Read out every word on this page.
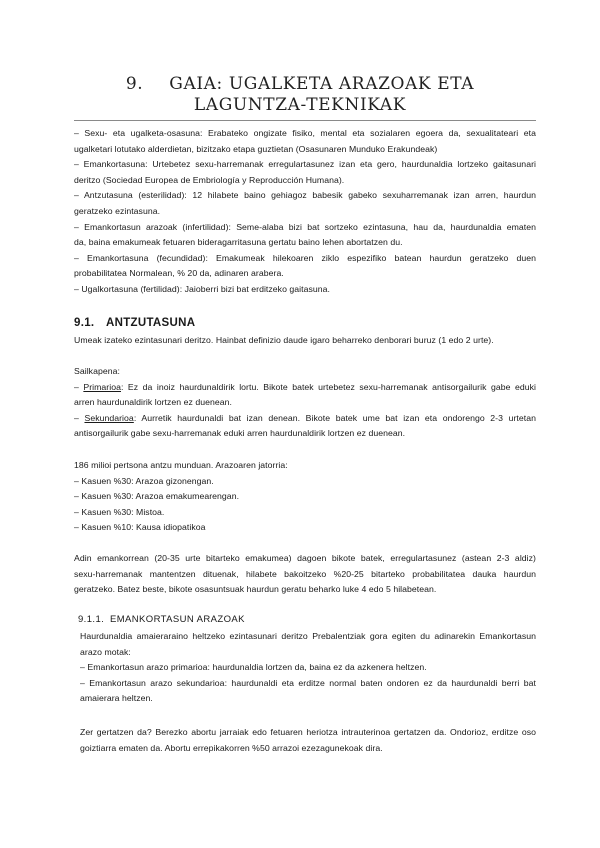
9. GAIA: UGALKETA ARAZOAK ETA
LAGUNTZA-TEKNIKAK
– Sexu- eta ugalketa-osasuna: Erabateko ongizate fisiko, mental eta sozialaren egoera da, sexualitateari eta
ugalketari lotutako alderdietan, bizitzako etapa guztietan (Osasunaren Munduko Erakundeak)
– Emankortasuna: Urtebetez sexu-harremanak erregulartasunez izan eta gero, haurdunaldia lortzeko gaitasunari
deritzo (Sociedad Europea de Embriología y Reproducción Humana).
– Antzutasuna (esterilidad): 12 hilabete baino gehiagoz babesik gabeko sexuharremanak izan arren, haurdun
geratzeko ezintasuna.
– Emankortasun arazoak (infertilidad): Seme-alaba bizi bat sortzeko ezintasuna, hau da, haurdunaldia ematen
da, baina emakumeak fetuaren bideragarritasuna gertatu baino lehen abortatzen du.
– Emankortasuna (fecundidad): Emakumeak hilekoaren ziklo espezifiko batean haurdun geratzeko duen
probabilitatea Normalean, % 20 da, adinaren arabera.
– Ugalkortasuna (fertilidad): Jaioberri bizi bat erditzeko gaitasuna.
9.1. ANTZUTASUNA
Umeak izateko ezintasunari deritzo. Hainbat definizio daude igaro beharreko denborari buruz (1 edo 2 urte).
Sailkapena:
– Primarioa: Ez da inoiz haurdunaldirik lortu. Bikote batek urtebetez sexu-harremanak antisorgailurik gabe eduki
arren haurdunaldirik lortzen ez duenean.
– Sekundarioa: Aurretik haurdunaldi bat izan denean. Bikote batek ume bat izan eta ondorengo 2-3 urtetan
antisorgailurik gabe sexu-harremanak eduki arren haurdunaldirik lortzen ez duenean.
186 milioi pertsona antzu munduan. Arazoaren jatorria:
– Kasuen %30: Arazoa gizonengan.
– Kasuen %30: Arazoa emakumearengan.
– Kasuen %30: Mistoa.
– Kasuen %10: Kausa idiopatikoa
Adin emankorrean (20-35 urte bitarteko emakumea) dagoen bikote batek, erregulartasunez (astean 2-3 aldiz)
sexu-harremanak mantentzen dituenak, hilabete bakoitzeko %20-25 bitarteko probabilitatea dauka haurdun
geratzeko. Batez beste, bikote osasuntsuak haurdun geratu beharko luke 4 edo 5 hilabetean.
9.1.1. EMANKORTASUN ARAZOAK
Haurdunaldia amaieraraino heltzeko ezintasunari deritzo Prebalentziak gora egiten du adinarekin Emankortasun
arazo motak:
– Emankortasun arazo primarioa: haurdunaldia lortzen da, baina ez da azkenera heltzen.
– Emankortasun arazo sekundarioa: haurdunaldi eta erditze normal baten ondoren ez da haurdunaldi berri bat
amaierara heltzen.
Zer gertatzen da? Berezko abortu jarraiak edo fetuaren heriotza intrauterinoa gertatzen da. Ondorioz, erditze oso
goiztiarra ematen da. Abortu errepikakorren %50 arrazoi ezezagunekoak dira.
